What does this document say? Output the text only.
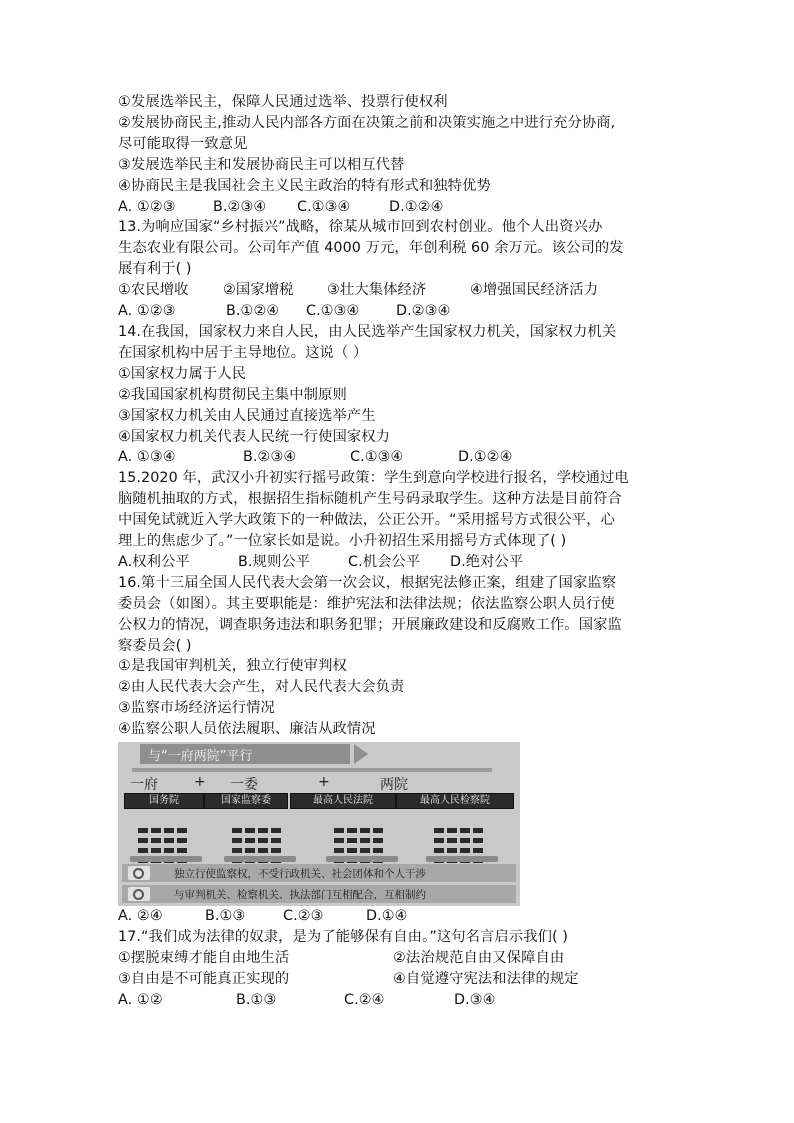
①发展选举民主，保障人民通过选举、投票行使权利
②发展协商民主,推动人民内部各方面在决策之前和决策实施之中进行充分协商,
尽可能取得一致意见
③发展选举民主和发展协商民主可以相互代替
④协商民主是我国社会主义民主政治的特有形式和独特优势
A. ①②③	B.②③④	C.①③④	D.①②④
13.为响应国家“乡村振兴”战略，徐某从城市回到农村创业。他个人出资兴办
生态农业有限公司。公司年产值 4000 万元，年创利税 60 余万元。该公司的发
展有利于( )
①农民增收	②国家增税	③壮大集体经济	④增强国民经济活力
A. ①②③	B.①②④	C.①③④	D.②③④
14.在我国，国家权力来自人民，由人民选举产生国家权力机关，国家权力机关
在国家机构中居于主导地位。这说（ ）
①国家权力属于人民
②我国国家机构贯彻民主集中制原则
③国家权力机关由人民通过直接选举产生
④国家权力机关代表人民统一行使国家权力
A. ①③④	B.②③④	C.①③④	D.①②④
15.2020 年，武汉小升初实行摇号政策：学生到意向学校进行报名，学校通过电
脑随机抽取的方式，根据招生指标随机产生号码录取学生。这种方法是目前符合
中国免试就近入学大政策下的一种做法，公正公开。“采用摇号方式很公平，心
理上的焦虑少了。”一位家长如是说。小升初招生采用摇号方式体现了( )
A.权利公平	B.规则公平	C.机会公平	D.绝对公平
16.第十三届全国人民代表大会第一次会议，根据宪法修正案，组建了国家监察
委员会（如图）。其主要职能是：维护宪法和法律法规；依法监察公职人员行使
公权力的情况，调查职务违法和职务犯罪；开展廉政建设和反腐败工作。国家监
察委员会( )
①是我国审判机关，独立行使审判权
②由人民代表大会产生，对人民代表大会负责
③监察市场经济运行情况
④监察公职人员依法履职、廉洁从政情况
与“一府两院”平行
一府	+ 一委	+	两院
国务院	国家监察委	最高人民法院	最高人民检察院
独立行使监察权，不受行政机关、社会团体和个人干涉
与审判机关、检察机关、执法部门互相配合，互相制约
A. ②④	B.①③	C.②③	D.①④
17.“我们成为法律的奴隶，是为了能够保有自由。”这句名言启示我们( )
①摆脱束缚才能自由地生活	②法治规范自由又保障自由
③自由是不可能真正实现的	④自觉遵守宪法和法律的规定
A. ①②	B.①③	C.②④	D.③④
